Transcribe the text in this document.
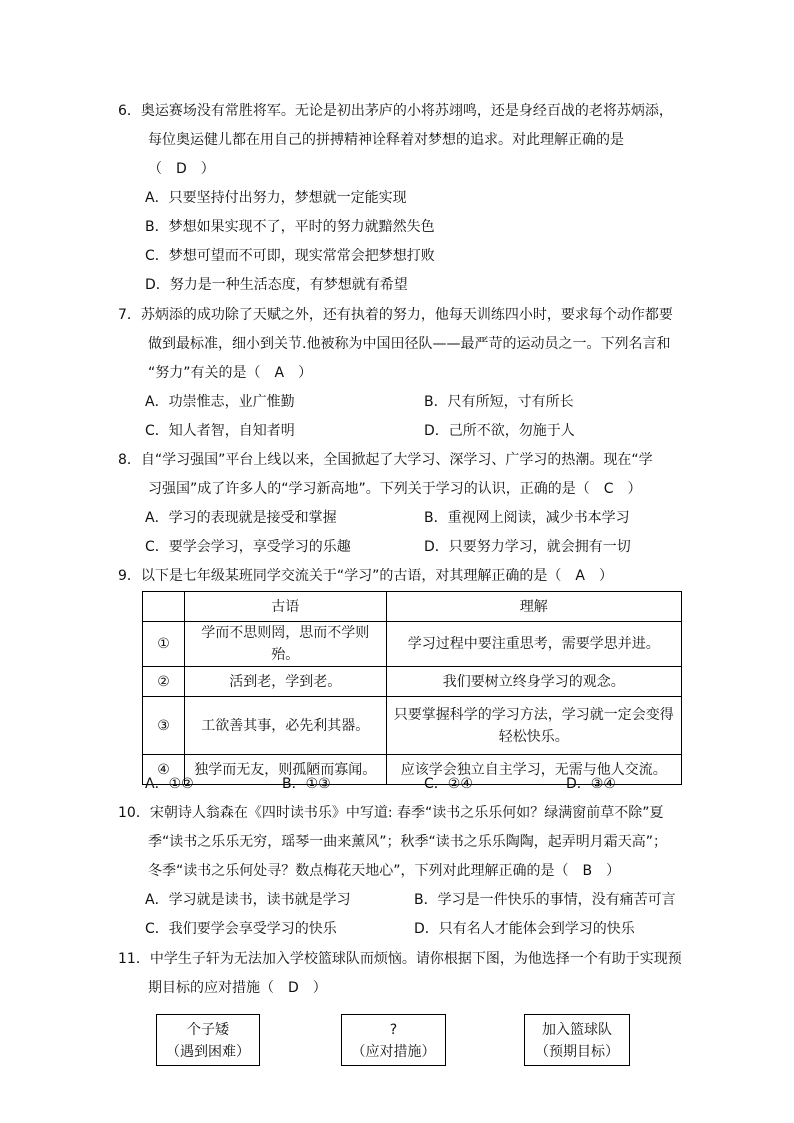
6．奥运赛场没有常胜将军。无论是初出茅庐的小将苏翊鸣，还是身经百战的老将苏炳添，
每位奥运健儿都在用自己的拼搏精神诠释着对梦想的追求。对此理解正确的是
（　D　）
A．只要坚持付出努力，梦想就一定能实现
B．梦想如果实现不了，平时的努力就黯然失色
C．梦想可望而不可即，现实常常会把梦想打败
D．努力是一种生活态度，有梦想就有希望
7．苏炳添的成功除了天赋之外，还有执着的努力，他每天训练四小时，要求每个动作都要
做到最标准，细小到关节.他被称为中国田径队——最严苛的运动员之一。下列名言和
“努力”有关的是（　A　）
A．功崇惟志，业广惟勤	B．尺有所短，寸有所长
C．知人者智，自知者明	D．己所不欲，勿施于人
8．自“学习强国”平台上线以来，全国掀起了大学习、深学习、广学习的热潮。现在“学
习强国”成了许多人的“学习新高地”。下列关于学习的认识，正确的是（　C　）
A．学习的表现就是接受和掌握	B．重视网上阅读，减少书本学习
C．要学会学习，享受学习的乐趣	D．只要努力学习，就会拥有一切
9．以下是七年级某班同学交流关于“学习”的古语，对其理解正确的是（　A　）
	古语	理解
①	学而不思则罔，思而不学则殆。	学习过程中要注重思考，需要学思并进。
②	活到老，学到老。	我们要树立终身学习的观念。
③	工欲善其事，必先利其器。	只要掌握科学的学习方法，学习就一定会变得
轻松快乐。

④	独学而无友，则孤陋而寡闻。	应该学会独立自主学习，无需与他人交流。
A．①②	B．①③	C．②④	D．③④
10．宋朝诗人翁森在《四时读书乐》中写道: 春季“读书之乐乐何如？绿满窗前草不除”夏
季“读书之乐乐无穷，瑶琴一曲来薰风”；秋季“读书之乐乐陶陶，起弄明月霜天高”；
冬季“读书之乐何处寻？数点梅花天地心”，下列对此理解正确的是（　B　）
A．学习就是读书，读书就是学习	B．学习是一件快乐的事情，没有痛苦可言
C．我们要学会享受学习的快乐	D．只有名人才能体会到学习的快乐
11．中学生子轩为无法加入学校篮球队而烦恼。请你根据下图，为他选择一个有助于实现预
期目标的应对措施（　D　）
个子矮
（遇到困难）
?
（应对措施）
加入篮球队
（预期目标）
